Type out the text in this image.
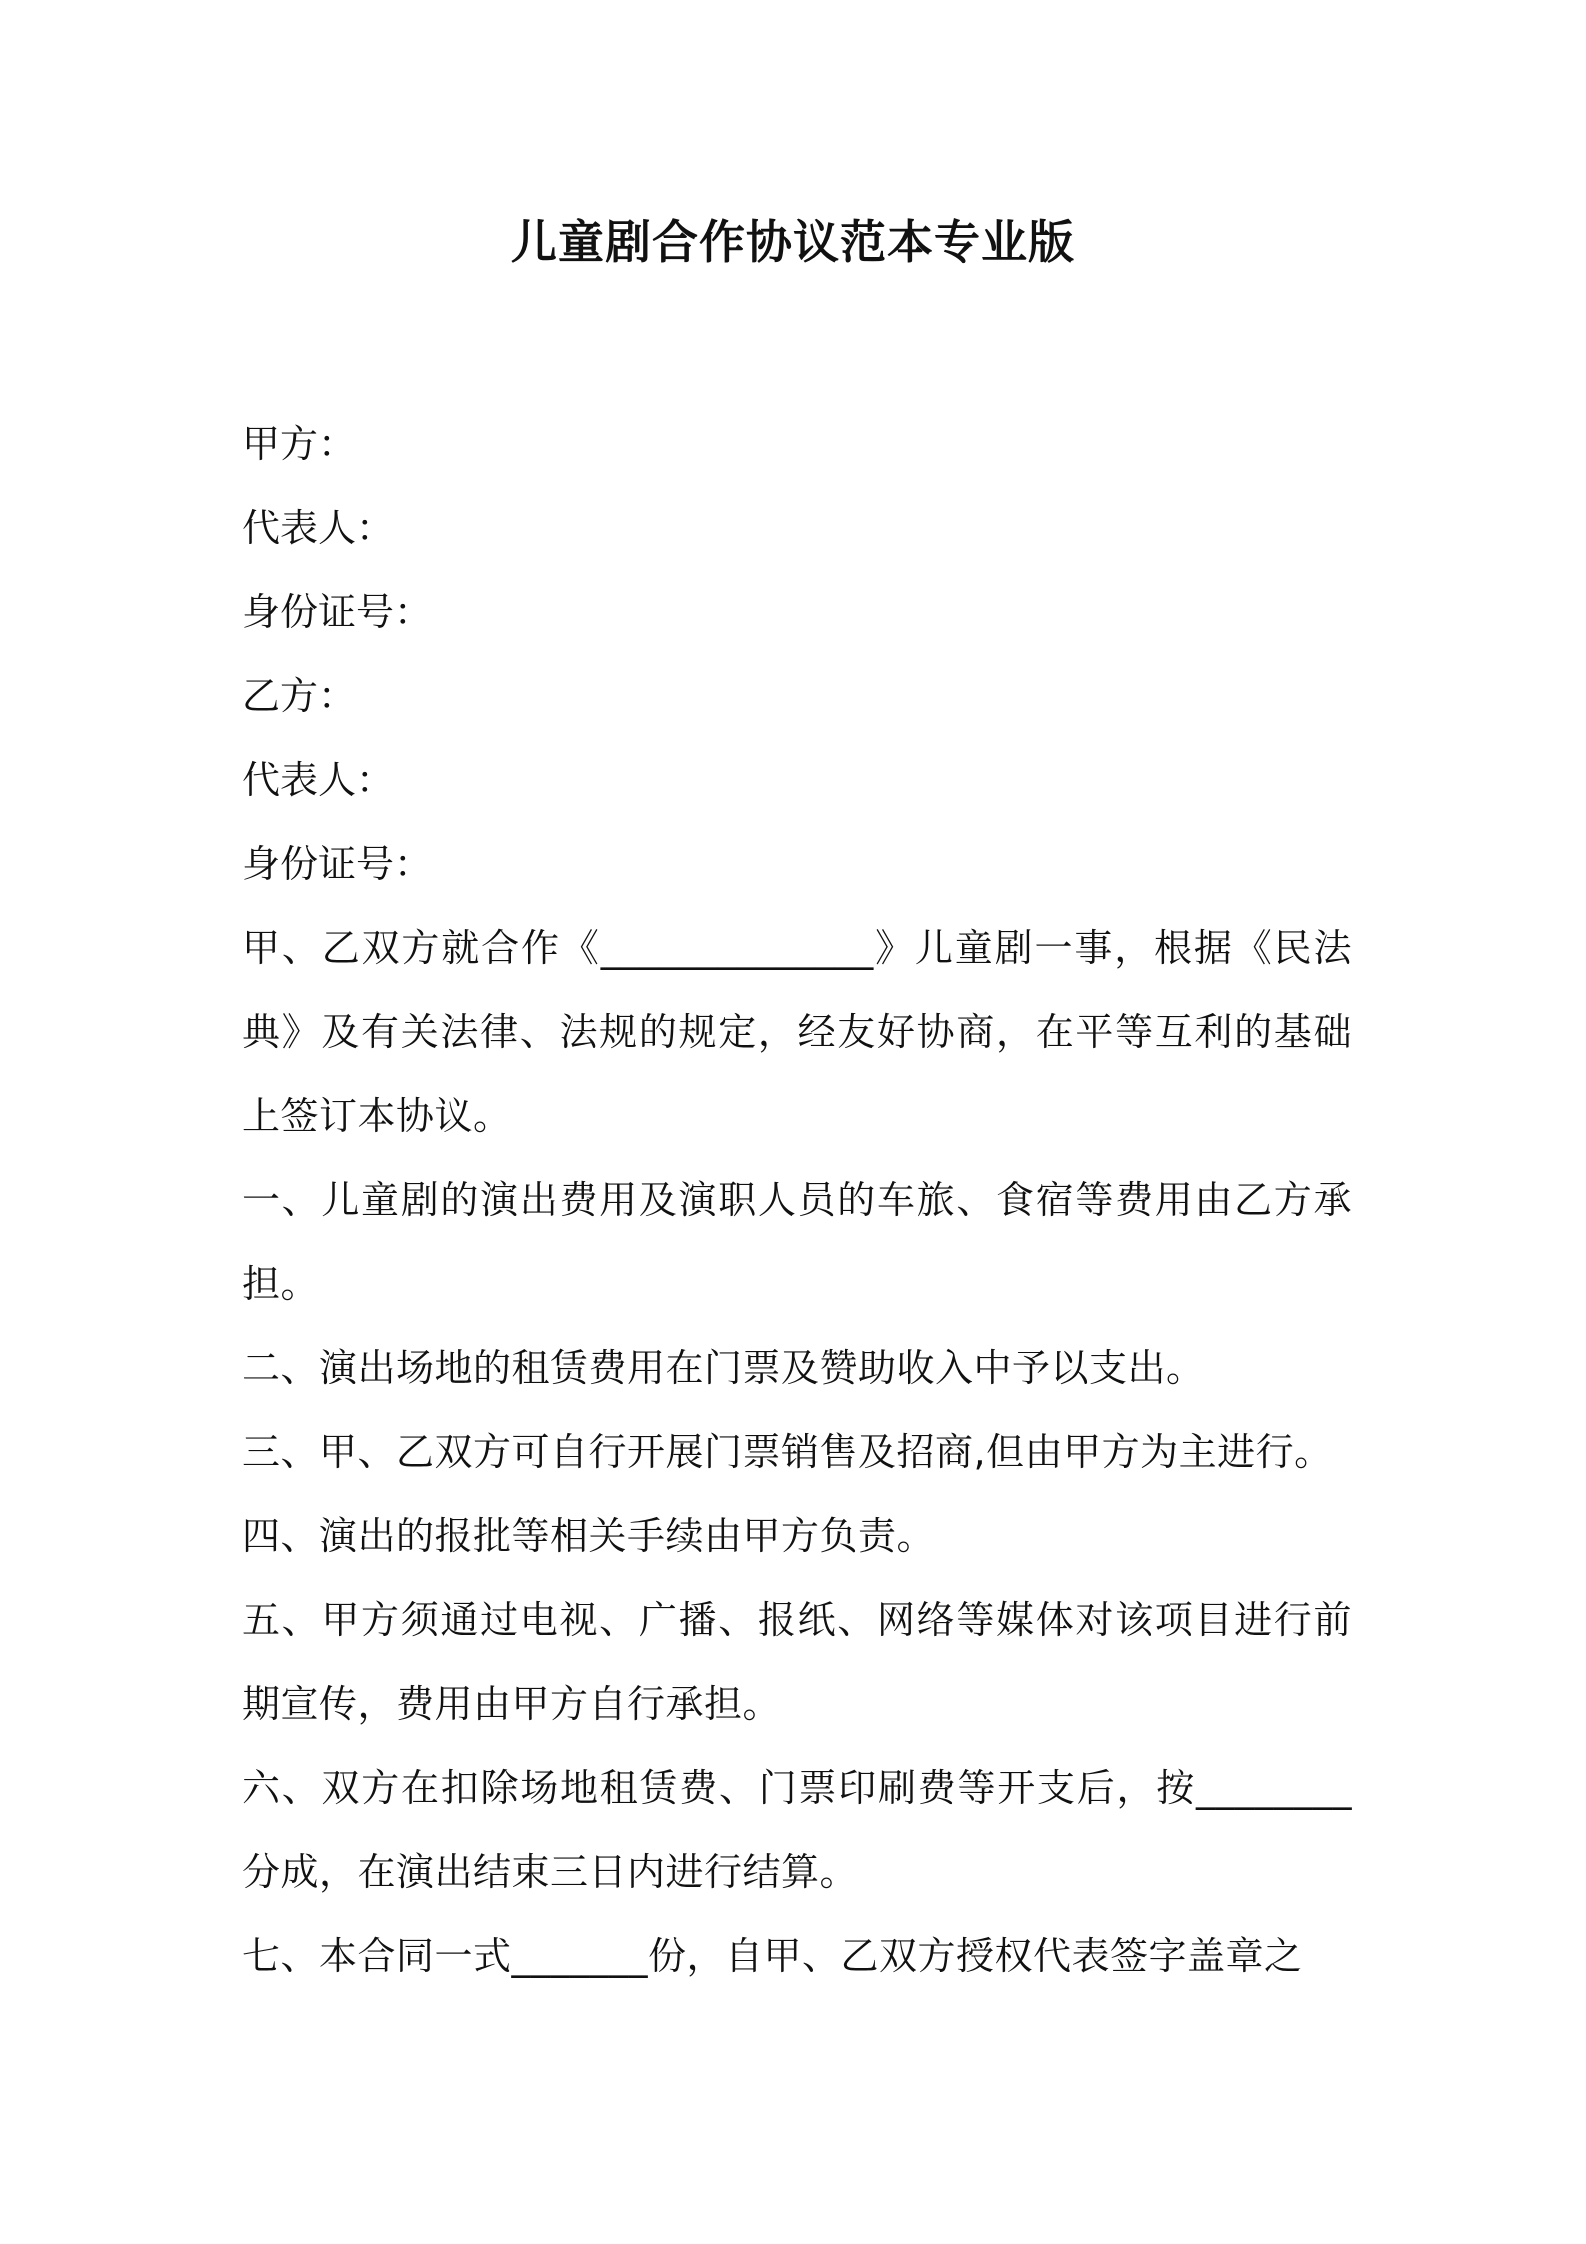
儿童剧合作协议范本专业版
甲方：
代表人：
身份证号：
乙方：
代表人：
身份证号：
甲、乙双方就合作《______________》儿童剧一事，根据《民法典》及有关法律、法规的规定，经友好协商，在平等互利的基础上签订本协议。
一、儿童剧的演出费用及演职人员的车旅、食宿等费用由乙方承担。
二、演出场地的租赁费用在门票及赞助收入中予以支出。
三、甲、乙双方可自行开展门票销售及招商,但由甲方为主进行。
四、演出的报批等相关手续由甲方负责。
五、甲方须通过电视、广播、报纸、网络等媒体对该项目进行前期宣传，费用由甲方自行承担。
六、双方在扣除场地租赁费、门票印刷费等开支后，按________分成，在演出结束三日内进行结算。
七、本合同一式_______份，自甲、乙双方授权代表签字盖章之
